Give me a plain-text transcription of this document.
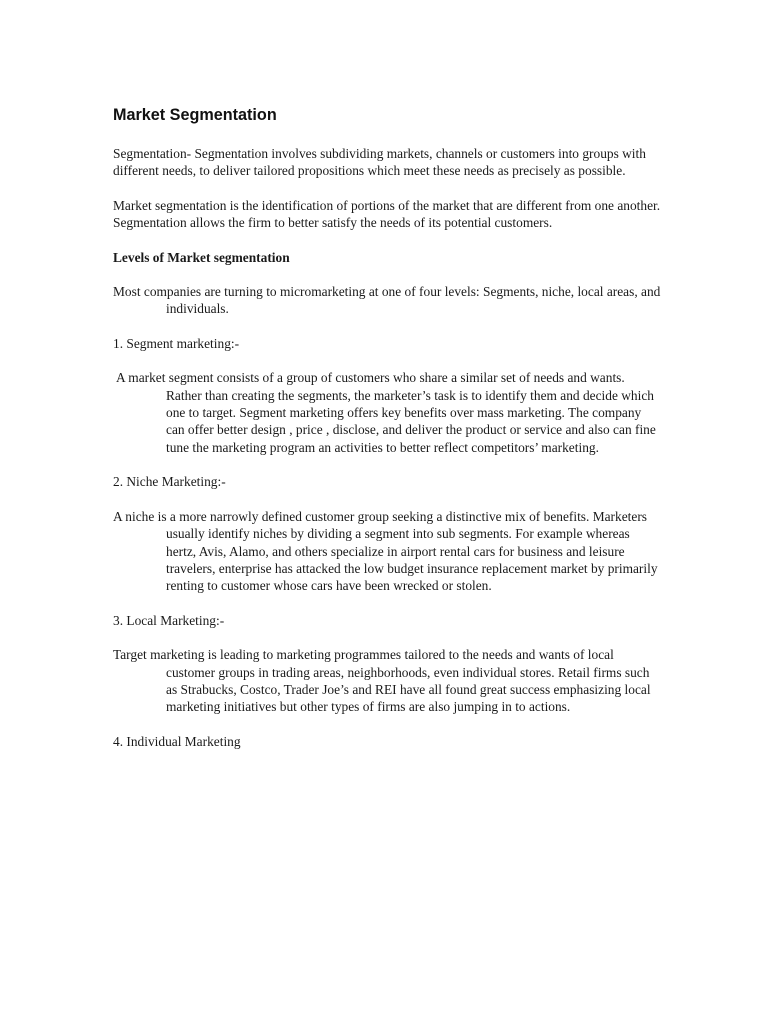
Market Segmentation

Segmentation- Segmentation involves subdividing markets, channels or customers into groups with different needs, to deliver tailored propositions which meet these needs as precisely as possible.

Market segmentation is the identification of portions of the market that are different from one another. Segmentation allows the firm to better satisfy the needs of its potential customers.

Levels of Market segmentation

Most companies are turning to micromarketing at one of four levels: Segments, niche, local areas, and individuals.

1. Segment marketing:-

A market segment consists of a group of customers who share a similar set of needs and wants. Rather than creating the segments, the marketer’s task is to identify them and decide which one to target. Segment marketing offers key benefits over mass marketing. The company can offer better design , price , disclose, and deliver the product or service and also can fine tune the marketing program an activities to better reflect competitors’ marketing.

2. Niche Marketing:-

A niche is a more narrowly defined customer group seeking a distinctive mix of benefits. Marketers usually identify niches by dividing a segment into sub segments. For example whereas hertz, Avis, Alamo, and others specialize in airport rental cars for business and leisure travelers, enterprise has attacked the low budget insurance replacement market by primarily renting to customer whose cars have been wrecked or stolen.

3. Local Marketing:-

Target marketing is leading to marketing programmes tailored to the needs and wants of local customer groups in trading areas, neighborhoods, even individual stores. Retail firms such as Strabucks, Costco, Trader Joe’s and REI have all found great success emphasizing local marketing initiatives but other types of firms are also jumping in to actions.

4. Individual Marketing
